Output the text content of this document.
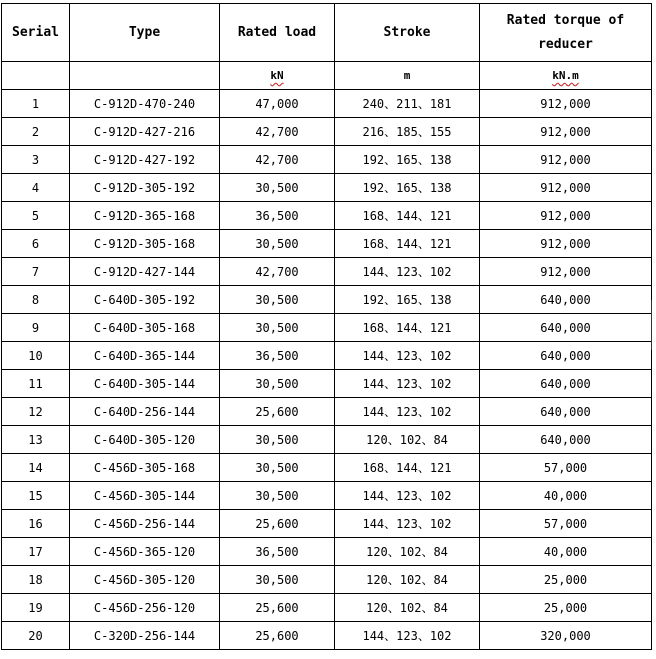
Serial	Type	Rated load	Stroke	Rated torque of reducer
		kN	m	kN.m
1	C-912D-470-240	47,000	240、211、181	912,000
2	C-912D-427-216	42,700	216、185、155	912,000
3	C-912D-427-192	42,700	192、165、138	912,000
4	C-912D-305-192	30,500	192、165、138	912,000
5	C-912D-365-168	36,500	168、144、121	912,000
6	C-912D-305-168	30,500	168、144、121	912,000
7	C-912D-427-144	42,700	144、123、102	912,000
8	C-640D-305-192	30,500	192、165、138	640,000
9	C-640D-305-168	30,500	168、144、121	640,000
10	C-640D-365-144	36,500	144、123、102	640,000
11	C-640D-305-144	30,500	144、123、102	640,000
12	C-640D-256-144	25,600	144、123、102	640,000
13	C-640D-305-120	30,500	120、102、84	640,000
14	C-456D-305-168	30,500	168、144、121	57,000
15	C-456D-305-144	30,500	144、123、102	40,000
16	C-456D-256-144	25,600	144、123、102	57,000
17	C-456D-365-120	36,500	120、102、84	40,000
18	C-456D-305-120	30,500	120、102、84	25,000
19	C-456D-256-120	25,600	120、102、84	25,000
20	C-320D-256-144	25,600	144、123、102	320,000
